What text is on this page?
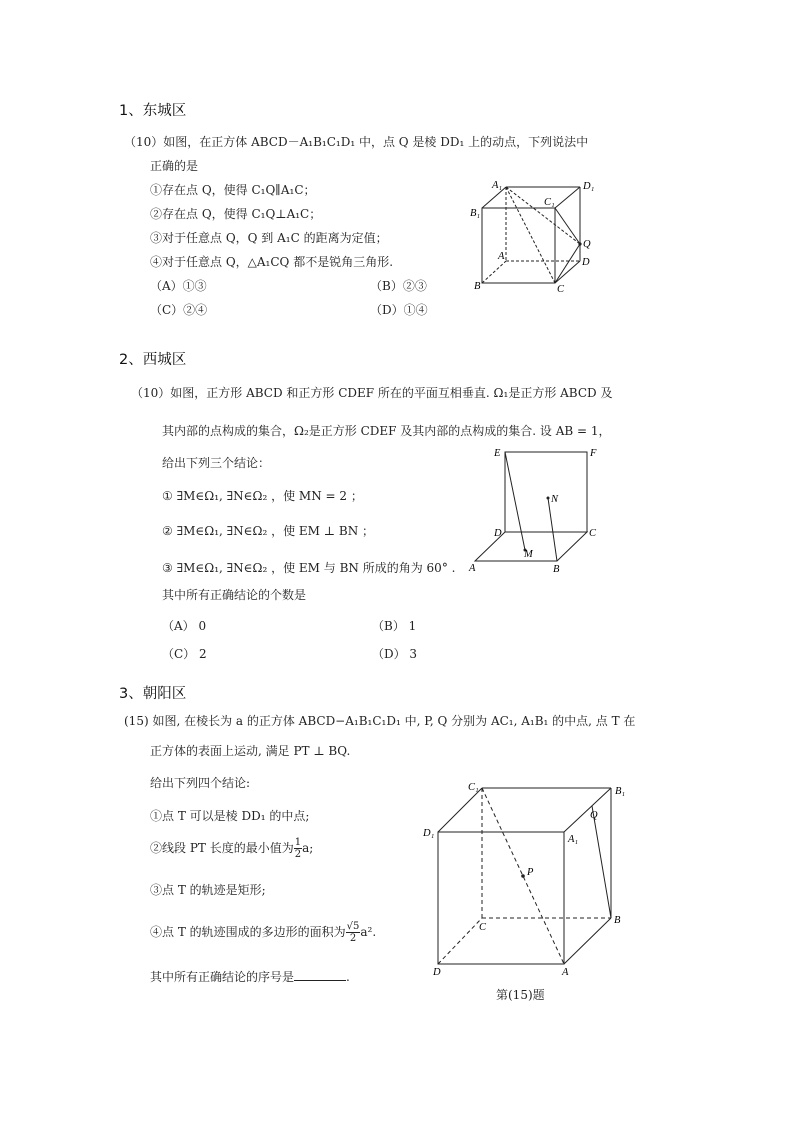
1、东城区
（10）如图，在正方体 ABCD－A₁B₁C₁D₁ 中，点 Q 是棱 DD₁ 上的动点，下列说法中
正确的是
①存在点 Q，使得 C₁Q∥A₁C；
②存在点 Q，使得 C₁Q⊥A₁C；
③对于任意点 Q，Q 到 A₁C 的距离为定值；
④对于任意点 Q，△A₁CQ 都不是锐角三角形.
（A）①③	（B）②③
（C）②④	（D）①④
A₁	D₁
B₁
C₁
Q
A
D
B	C
2、西城区
（10）如图，正方形 ABCD 和正方形 CDEF 所在的平面互相垂直. Ω₁是正方形 ABCD 及
其内部的点构成的集合，Ω₂是正方形 CDEF 及其内部的点构成的集合. 设 AB = 1，
给出下列三个结论：
① ∃M∈Ω₁, ∃N∈Ω₂ ，使 MN = 2 ；
② ∃M∈Ω₁, ∃N∈Ω₂ ，使 EM ⊥ BN ；
③ ∃M∈Ω₁, ∃N∈Ω₂ ，使 EM 与 BN 所成的角为 60° .
其中所有正确结论的个数是
（A） 0	（B） 1
（C） 2	（D） 3
E	F
N
D	C
M
A	B
3、朝阳区
(15) 如图, 在棱长为 a 的正方体 ABCD−A₁B₁C₁D₁ 中, P, Q 分别为 AC₁, A₁B₁ 的中点, 点 T 在
正方体的表面上运动, 满足 PT ⊥ BQ.
给出下列四个结论:
①点 T 可以是棱 DD₁ 的中点;
②线段 PT 长度的最小值为 $\frac{1}{2} a$;
③点 T 的轨迹是矩形;
④点 T 的轨迹围成的多边形的面积为 $\frac{√5}{2} a^2$.
其中所有正确结论的序号是	.
C₁	B₁
Q
D₁
A₁
P
C
B
D	A
第(15)题
